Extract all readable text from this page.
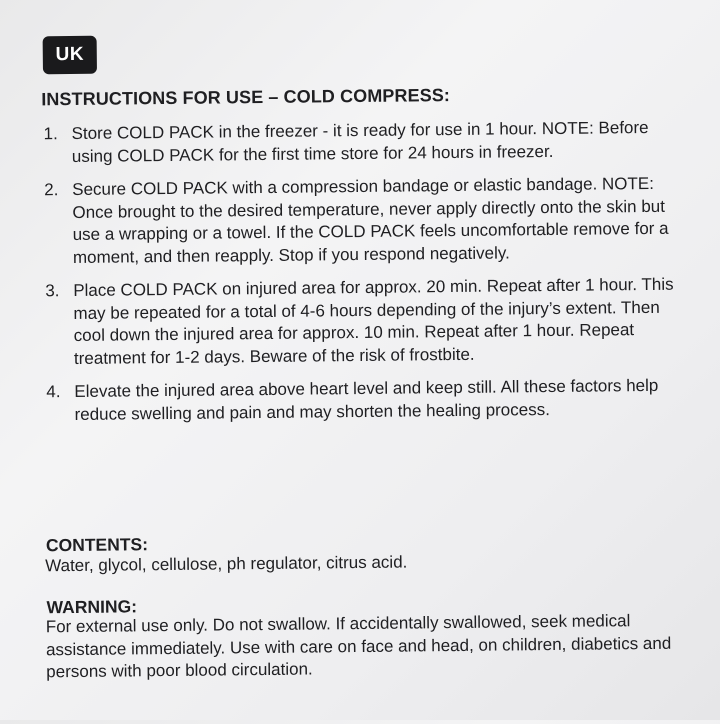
UK
INSTRUCTIONS FOR USE – COLD COMPRESS:
1. Store COLD PACK in the freezer - it is ready for use in 1 hour. NOTE: Before using COLD PACK for the first time store for 24 hours in freezer.
2. Secure COLD PACK with a compression bandage or elastic bandage. NOTE: Once brought to the desired temperature, never apply directly onto the skin but use a wrapping or a towel. If the COLD PACK feels uncomfortable remove for a moment, and then reapply. Stop if you respond negatively.
3. Place COLD PACK on injured area for approx. 20 min. Repeat after 1 hour. This may be repeated for a total of 4-6 hours depending of the injury’s extent. Then cool down the injured area for approx. 10 min. Repeat after 1 hour. Repeat treatment for 1-2 days. Beware of the risk of frostbite.
4. Elevate the injured area above heart level and keep still. All these factors help reduce swelling and pain and may shorten the healing process.
CONTENTS:
Water, glycol, cellulose, ph regulator, citrus acid.
WARNING:
For external use only. Do not swallow. If accidentally swallowed, seek medical assistance immediately. Use with care on face and head, on children, diabetics and persons with poor blood circulation.
